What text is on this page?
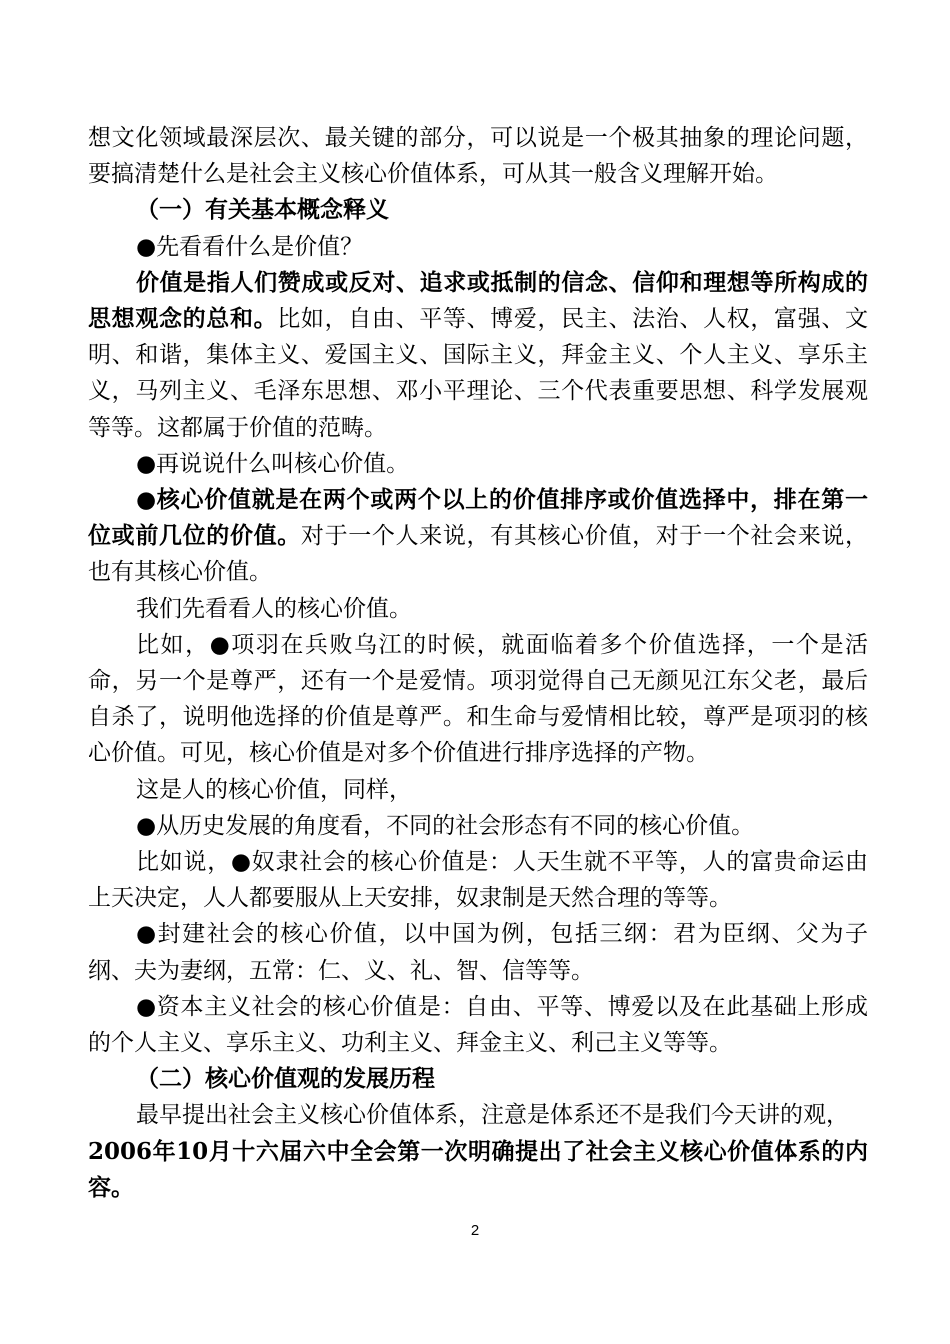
想文化领域最深层次、最关键的部分，可以说是一个极其抽象的理论问题，要搞清楚什么是社会主义核心价值体系，可从其一般含义理解开始。

（一）有关基本概念释义

●先看看什么是价值？

价值是指人们赞成或反对、追求或抵制的信念、信仰和理想等所构成的思想观念的总和。比如，自由、平等、博爱，民主、法治、人权，富强、文明、和谐，集体主义、爱国主义、国际主义，拜金主义、个人主义、享乐主义，马列主义、毛泽东思想、邓小平理论、三个代表重要思想、科学发展观等等。这都属于价值的范畴。

●再说说什么叫核心价值。

●核心价值就是在两个或两个以上的价值排序或价值选择中，排在第一位或前几位的价值。对于一个人来说，有其核心价值，对于一个社会来说，也有其核心价值。

我们先看看人的核心价值。

比如，●项羽在兵败乌江的时候，就面临着多个价值选择，一个是活命，另一个是尊严，还有一个是爱情。项羽觉得自己无颜见江东父老，最后自杀了，说明他选择的价值是尊严。和生命与爱情相比较，尊严是项羽的核心价值。可见，核心价值是对多个价值进行排序选择的产物。

这是人的核心价值，同样，

●从历史发展的角度看，不同的社会形态有不同的核心价值。

比如说，●奴隶社会的核心价值是：人天生就不平等，人的富贵命运由上天决定，人人都要服从上天安排，奴隶制是天然合理的等等。

●封建社会的核心价值，以中国为例，包括三纲：君为臣纲、父为子纲、夫为妻纲，五常：仁、义、礼、智、信等等。

●资本主义社会的核心价值是：自由、平等、博爱以及在此基础上形成的个人主义、享乐主义、功利主义、拜金主义、利己主义等等。

（二）核心价值观的发展历程

最早提出社会主义核心价值体系，注意是体系还不是我们今天讲的观，

2006年10月十六届六中全会第一次明确提出了社会主义核心价值体系的内容。

2
